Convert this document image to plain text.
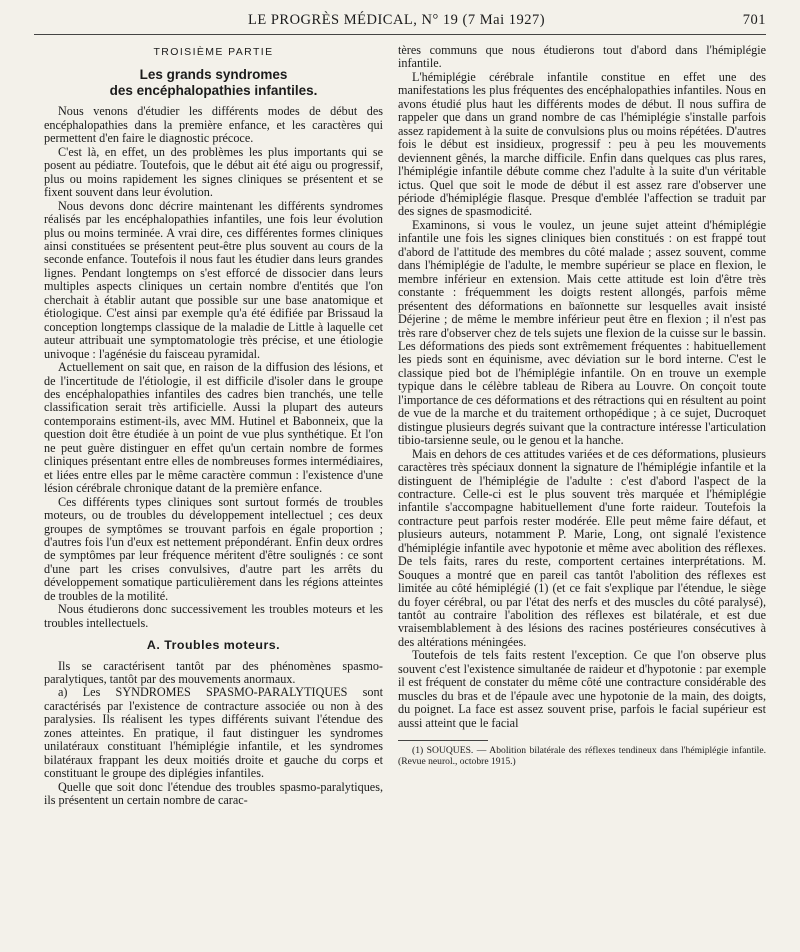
LE PROGRÈS MÉDICAL, N° 19 (7 Mai 1927)	701
TROISIÈME PARTIE
Les grands syndromes
des encéphalopathies infantiles.

Nous venons d'étudier les différents modes de début des encéphalopathies dans la première enfance, et les caractères qui permettent d'en faire le diagnostic précoce.

C'est là, en effet, un des problèmes les plus importants qui se posent au pédiatre. Toutefois, que le début ait été aigu ou progressif, plus ou moins rapidement les signes cliniques se présentent et se fixent souvent dans leur évolution.

Nous devons donc décrire maintenant les différents syndromes réalisés par les encéphalopathies infantiles, une fois leur évolution plus ou moins terminée. A vrai dire, ces différentes formes cliniques ainsi constituées se présentent peut-être plus souvent au cours de la seconde enfance. Toutefois il nous faut les étudier dans leurs grandes lignes. Pendant longtemps on s'est efforcé de dissocier dans leurs multiples aspects cliniques un certain nombre d'entités que l'on cherchait à établir autant que possible sur une base anatomique et étiologique. C'est ainsi par exemple qu'a été édifiée par Brissaud la conception longtemps classique de la maladie de Little à laquelle cet auteur attribuait une symptomatologie très précise, et une étiologie univoque : l'agénésie du faisceau pyramidal.

Actuellement on sait que, en raison de la diffusion des lésions, et de l'incertitude de l'étiologie, il est difficile d'isoler dans le groupe des encéphalopathies infantiles des cadres bien tranchés, une telle classification serait très artificielle. Aussi la plupart des auteurs contemporains estiment-ils, avec MM. Hutinel et Babonneix, que la question doit être étudiée à un point de vue plus synthétique. Et l'on ne peut guère distinguer en effet qu'un certain nombre de formes cliniques présentant entre elles de nombreuses formes intermédiaires, et liées entre elles par le même caractère commun : l'existence d'une lésion cérébrale chronique datant de la première enfance.

Ces différents types cliniques sont surtout formés de troubles moteurs, ou de troubles du développement intellectuel ; ces deux groupes de symptômes se trouvant parfois en égale proportion ; d'autres fois l'un d'eux est nettement prépondérant. Enfin deux ordres de symptômes par leur fréquence méritent d'être soulignés : ce sont d'une part les crises convulsives, d'autre part les arrêts du développement somatique particulièrement dans les régions atteintes de troubles de la motilité.

Nous étudierons donc successivement les troubles moteurs et les troubles intellectuels.

A. Troubles moteurs.

Ils se caractérisent tantôt par des phénomènes spasmo-paralytiques, tantôt par des mouvements anormaux.

a) Les SYNDROMES SPASMO-PARALYTIQUES sont caractérisés par l'existence de contracture associée ou non à des paralysies. Ils réalisent les types différents suivant l'étendue des zones atteintes. En pratique, il faut distinguer les syndromes unilatéraux constituant l'hémiplégie infantile, et les syndromes bilatéraux frappant les deux moitiés droite et gauche du corps et constituant le groupe des diplégies infantiles.

Quelle que soit donc l'étendue des troubles spasmo-paralytiques, ils présentent un certain nombre de carac-

tères communs que nous étudierons tout d'abord dans l'hémiplégie infantile.

L'hémiplégie cérébrale infantile constitue en effet une des manifestations les plus fréquentes des encéphalopathies infantiles. Nous en avons étudié plus haut les différents modes de début. Il nous suffira de rappeler que dans un grand nombre de cas l'hémiplégie s'installe parfois assez rapidement à la suite de convulsions plus ou moins répétées. D'autres fois le début est insidieux, progressif : peu à peu les mouvements deviennent gênés, la marche difficile. Enfin dans quelques cas plus rares, l'hémiplégie infantile débute comme chez l'adulte à la suite d'un véritable ictus. Quel que soit le mode de début il est assez rare d'observer une période d'hémiplégie flasque. Presque d'emblée l'affection se traduit par des signes de spasmodicité.

Examinons, si vous le voulez, un jeune sujet atteint d'hémiplégie infantile une fois les signes cliniques bien constitués : on est frappé tout d'abord de l'attitude des membres du côté malade ; assez souvent, comme dans l'hémiplégie de l'adulte, le membre supérieur se place en flexion, le membre inférieur en extension. Mais cette attitude est loin d'être très constante : fréquemment les doigts restent allongés, parfois même présentent des déformations en baïonnette sur lesquelles avait insisté Déjerine ; de même le membre inférieur peut être en flexion ; il n'est pas très rare d'observer chez de tels sujets une flexion de la cuisse sur le bassin. Les déformations des pieds sont extrêmement fréquentes : habituellement les pieds sont en équinisme, avec déviation sur le bord interne. C'est le classique pied bot de l'hémiplégie infantile. On en trouve un exemple typique dans le célèbre tableau de Ribera au Louvre. On conçoit toute l'importance de ces déformations et des rétractions qui en résultent au point de vue de la marche et du traitement orthopédique ; à ce sujet, Ducroquet distingue plusieurs degrés suivant que la contracture intéresse l'articulation tibio-tarsienne seule, ou le genou et la hanche.

Mais en dehors de ces attitudes variées et de ces déformations, plusieurs caractères très spéciaux donnent la signature de l'hémiplégie infantile et la distinguent de l'hémiplégie de l'adulte : c'est d'abord l'aspect de la contracture. Celle-ci est le plus souvent très marquée et l'hémiplégie infantile s'accompagne habituellement d'une forte raideur. Toutefois la contracture peut parfois rester modérée. Elle peut même faire défaut, et plusieurs auteurs, notamment P. Marie, Long, ont signalé l'existence d'hémiplégie infantile avec hypotonie et même avec abolition des réflexes. De tels faits, rares du reste, comportent certaines interprétations. M. Souques a montré que en pareil cas tantôt l'abolition des réflexes est limitée au côté hémiplégié (1) (et ce fait s'explique par l'étendue, le siège du foyer cérébral, ou par l'état des nerfs et des muscles du côté paralysé), tantôt au contraire l'abolition des réflexes est bilatérale, et est due vraisemblablement à des lésions des racines postérieures consécutives à des altérations méningées.

Toutefois de tels faits restent l'exception. Ce que l'on observe plus souvent c'est l'existence simultanée de raideur et d'hypotonie : par exemple il est fréquent de constater du même côté une contracture considérable des muscles du bras et de l'épaule avec une hypotonie de la main, des doigts, du poignet. La face est assez souvent prise, parfois le facial supérieur est aussi atteint que le facial

(1) SOUQUES. — Abolition bilatérale des réflexes tendineux dans l'hémiplégie infantile. (Revue neurol., octobre 1915.)
